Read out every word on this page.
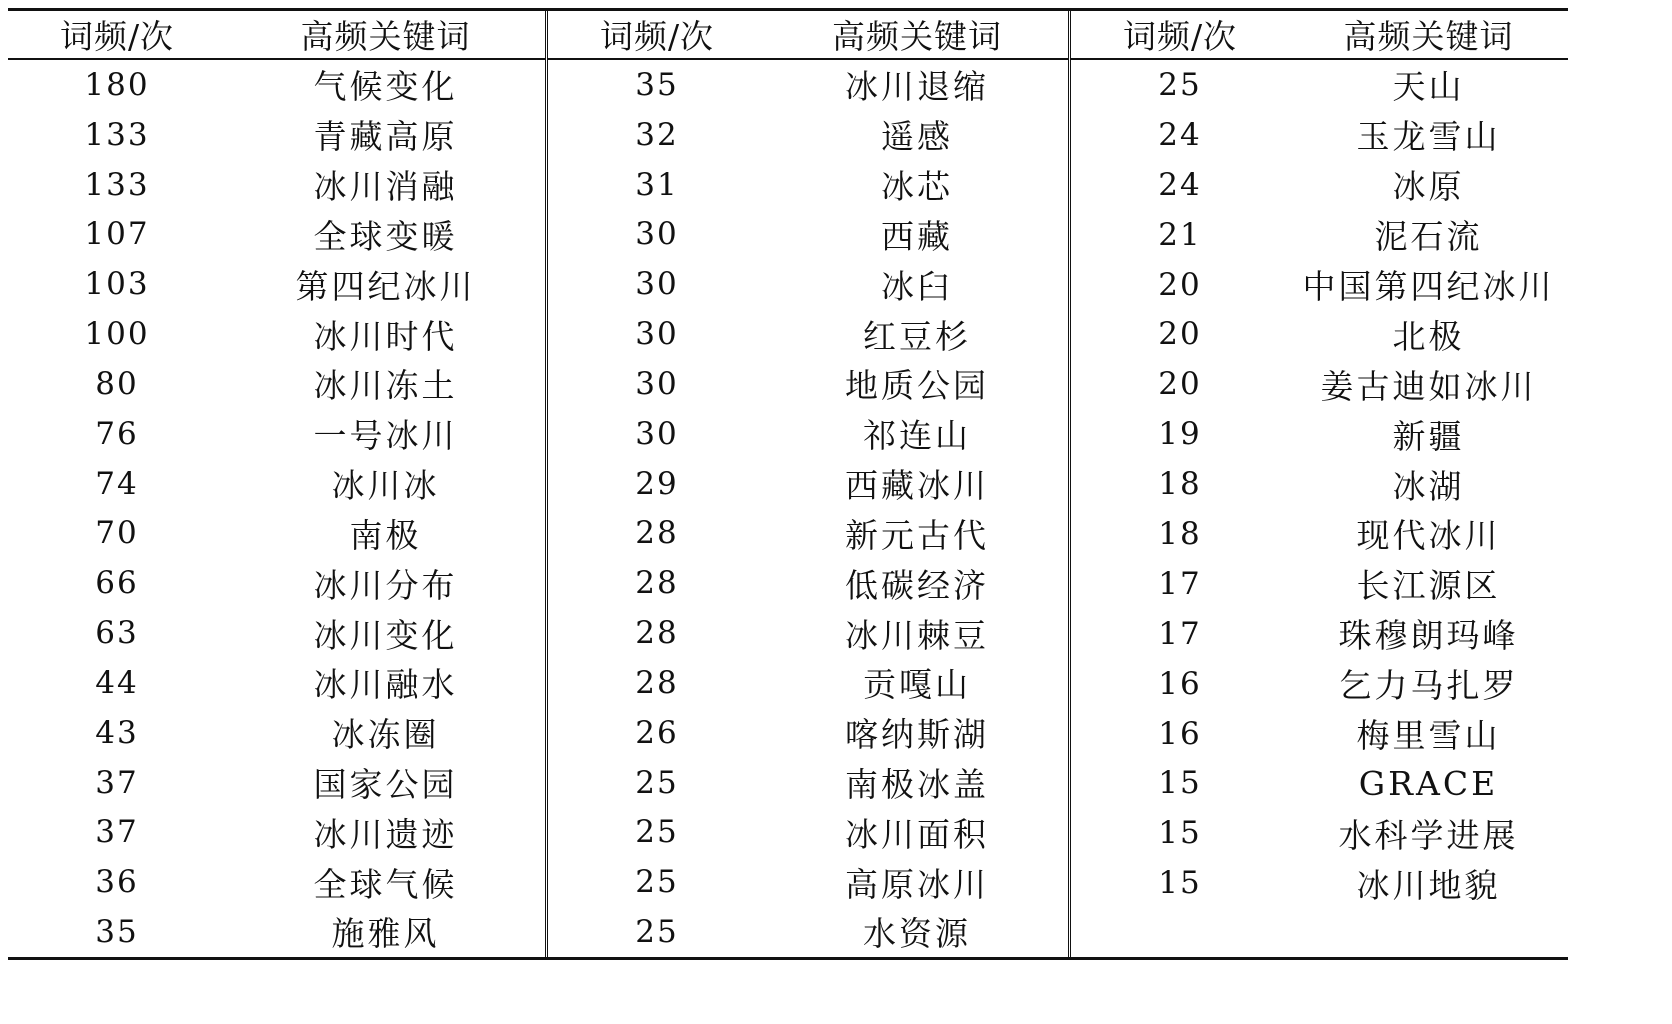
词频/次	高频关键词
180	气候变化
133	青藏高原
133	冰川消融
107	全球变暖
103	第四纪冰川
100	冰川时代
80	冰川冻土
76	一号冰川
74	冰川冰
70	南极
66	冰川分布
63	冰川变化
44	冰川融水
43	冰冻圈
37	国家公园
37	冰川遗迹
36	全球气候
35	施雅风
词频/次	高频关键词
35	冰川退缩
32	遥感
31	冰芯
30	西藏
30	冰臼
30	红豆杉
30	地质公园
30	祁连山
29	西藏冰川
28	新元古代
28	低碳经济
28	冰川棘豆
28	贡嘎山
26	喀纳斯湖
25	南极冰盖
25	冰川面积
25	高原冰川
25	水资源
词频/次	高频关键词
25	天山
24	玉龙雪山
24	冰原
21	泥石流
20	中国第四纪冰川
20	北极
20	姜古迪如冰川
19	新疆
18	冰湖
18	现代冰川
17	长江源区
17	珠穆朗玛峰
16	乞力马扎罗
16	梅里雪山
15	GRACE
15	水科学进展
15	冰川地貌
